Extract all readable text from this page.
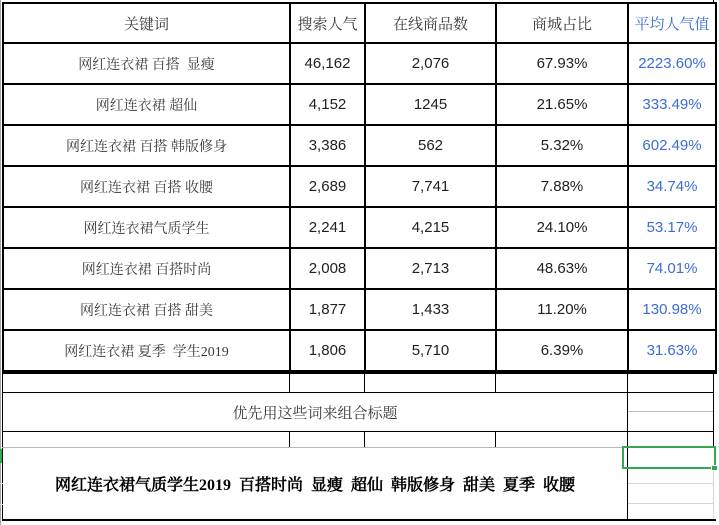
关键词	搜索人气	在线商品数	商城占比	平均人气值
网红连衣裙 百搭  显瘦	46,162	2,076	67.93%	2223.60%
网红连衣裙 超仙	4,152	1245	21.65%	333.49%
网红连衣裙 百搭 韩版修身	3,386	562	5.32%	602.49%
网红连衣裙 百搭 收腰	2,689	7,741	7.88%	34.74%
网红连衣裙气质学生	2,241	4,215	24.10%	53.17%
网红连衣裙 百搭时尚	2,008	2,713	48.63%	74.01%
网红连衣裙 百搭 甜美	1,877	1,433	11.20%	130.98%
网红连衣裙 夏季  学生2019	1,806	5,710	6.39%	31.63%
优先用这些词来组合标题
网红连衣裙气质学生2019  百搭时尚  显瘦  超仙  韩版修身  甜美  夏季  收腰
